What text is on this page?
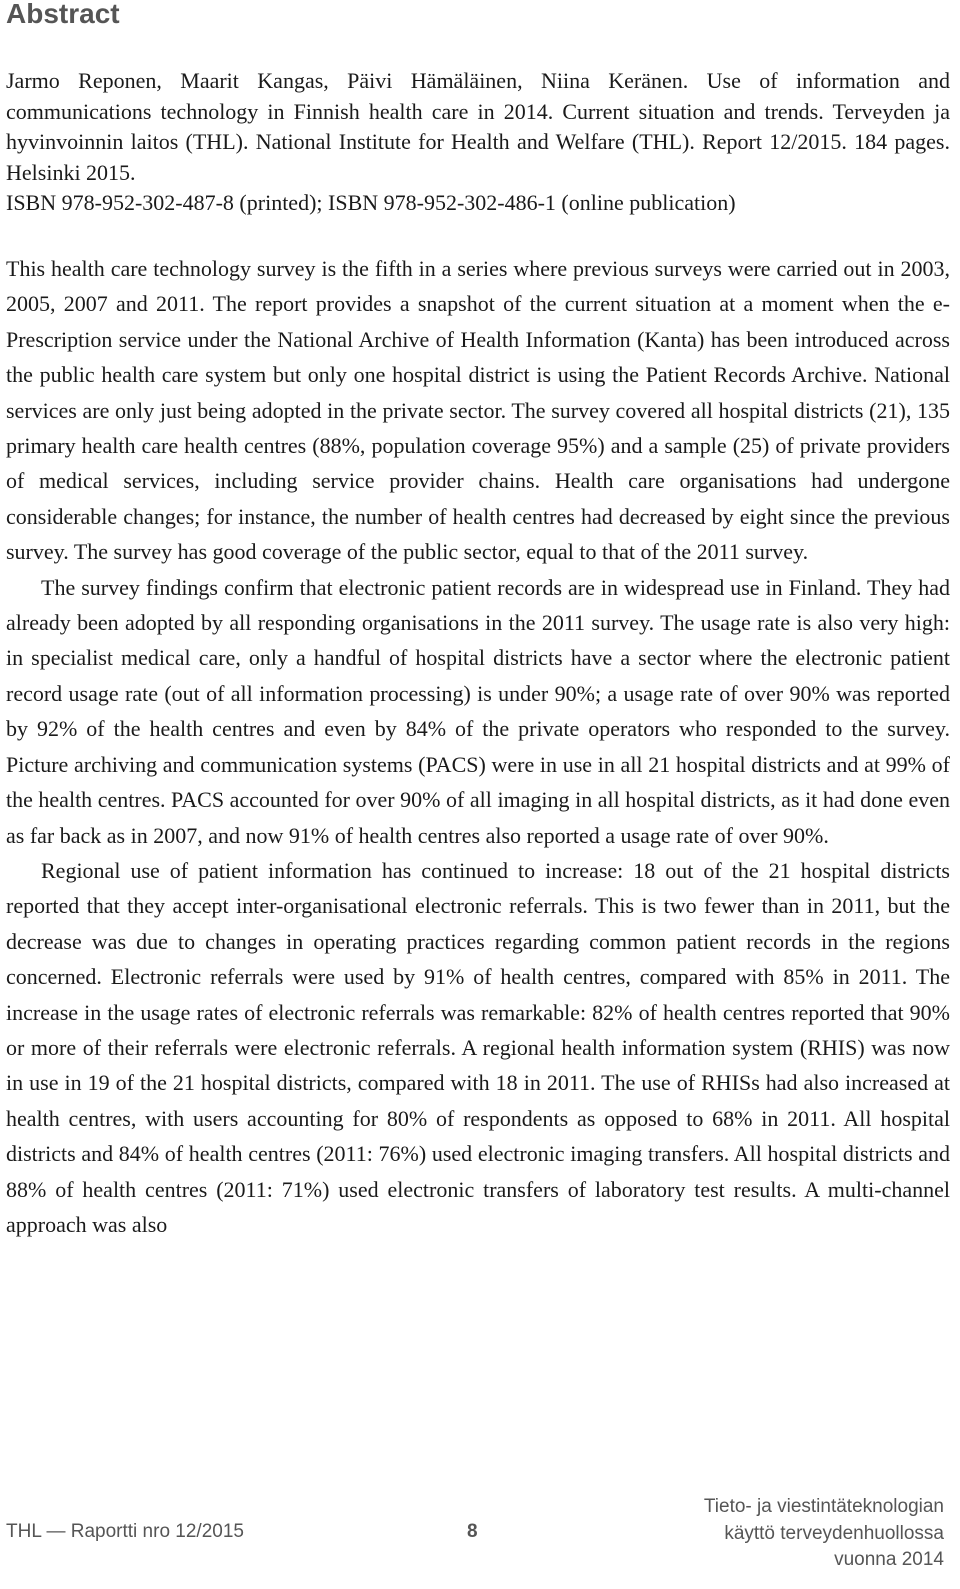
Abstract

Jarmo Reponen, Maarit Kangas, Päivi Hämäläinen, Niina Keränen. Use of information and communications technology in Finnish health care in 2014. Current situation and trends. Terveyden ja hyvinvoinnin laitos (THL). National Institute for Health and Welfare (THL). Report 12/2015. 184 pages. Helsinki 2015.

ISBN 978-952-302-487-8 (printed); ISBN 978-952-302-486-1 (online publication)

This health care technology survey is the fifth in a series where previous surveys were carried out in 2003, 2005, 2007 and 2011. The report provides a snapshot of the current situation at a moment when the e-Prescription service under the National Archive of Health Information (Kanta) has been introduced across the public health care system but only one hospital district is using the Patient Records Archive. National services are only just being adopted in the private sector. The survey covered all hospital districts (21), 135 primary health care health centres (88%, population coverage 95%) and a sample (25) of private providers of medical services, including service provider chains. Health care organisations had undergone considerable changes; for instance, the number of health centres had decreased by eight since the previous survey. The survey has good coverage of the public sector, equal to that of the 2011 survey.

The survey findings confirm that electronic patient records are in widespread use in Finland. They had already been adopted by all responding organisations in the 2011 survey. The usage rate is also very high: in specialist medical care, only a handful of hospital districts have a sector where the electronic patient record usage rate (out of all information processing) is under 90%; a usage rate of over 90% was reported by 92% of the health centres and even by 84% of the private operators who responded to the survey. Picture archiving and communication systems (PACS) were in use in all 21 hospital districts and at 99% of the health centres. PACS accounted for over 90% of all imaging in all hospital districts, as it had done even as far back as in 2007, and now 91% of health centres also reported a usage rate of over 90%.

Regional use of patient information has continued to increase: 18 out of the 21 hospital districts reported that they accept inter-organisational electronic referrals. This is two fewer than in 2011, but the decrease was due to changes in operating practices regarding common patient records in the regions concerned. Electronic referrals were used by 91% of health centres, compared with 85% in 2011. The increase in the usage rates of electronic referrals was remarkable: 82% of health centres reported that 90% or more of their referrals were electronic referrals. A regional health information system (RHIS) was now in use in 19 of the 21 hospital districts, compared with 18 in 2011. The use of RHISs had also increased at health centres, with users accounting for 80% of respondents as opposed to 68% in 2011. All hospital districts and 84% of health centres (2011: 76%) used electronic imaging transfers. All hospital districts and 88% of health centres (2011: 71%) used electronic transfers of laboratory test results. A multi-channel approach was also

THL — Raportti nro 12/2015	8
Tieto- ja viestintäteknologian
käyttö terveydenhuollossa
vuonna 2014
